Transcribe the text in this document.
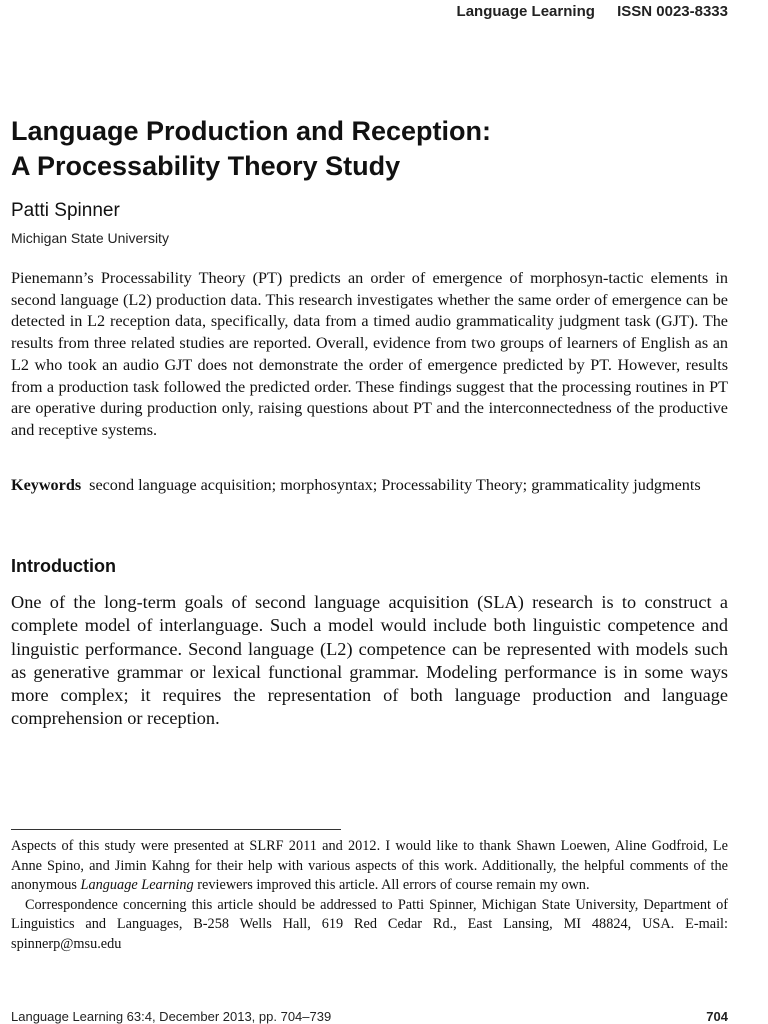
Language Learning ISSN 0023-8333
Language Production and Reception:
A Processability Theory Study
Patti Spinner
Michigan State University

Pienemann’s Processability Theory (PT) predicts an order of emergence of morphosyn-tactic elements in second language (L2) production data. This research investigates whether the same order of emergence can be detected in L2 reception data, specifically, data from a timed audio grammaticality judgment task (GJT). The results from three related studies are reported. Overall, evidence from two groups of learners of English as an L2 who took an audio GJT does not demonstrate the order of emergence predicted by PT. However, results from a production task followed the predicted order. These findings suggest that the processing routines in PT are operative during production only, raising questions about PT and the interconnectedness of the productive and receptive systems.

Keywords second language acquisition; morphosyntax; Processability Theory; grammaticality judgments

Introduction

One of the long-term goals of second language acquisition (SLA) research is to construct a complete model of interlanguage. Such a model would include both linguistic competence and linguistic performance. Second language (L2) competence can be represented with models such as generative grammar or lexical functional grammar. Modeling performance is in some ways more complex; it requires the representation of both language production and language comprehension or reception.

Aspects of this study were presented at SLRF 2011 and 2012. I would like to thank Shawn Loewen, Aline Godfroid, Le Anne Spino, and Jimin Kahng for their help with various aspects of this work. Additionally, the helpful comments of the anonymous Language Learning reviewers improved this article. All errors of course remain my own.

Correspondence concerning this article should be addressed to Patti Spinner, Michigan State University, Department of Linguistics and Languages, B-258 Wells Hall, 619 Red Cedar Rd., East Lansing, MI 48824, USA. E-mail: spinnerp@msu.edu

Language Learning 63:4, December 2013, pp. 704–739	704
